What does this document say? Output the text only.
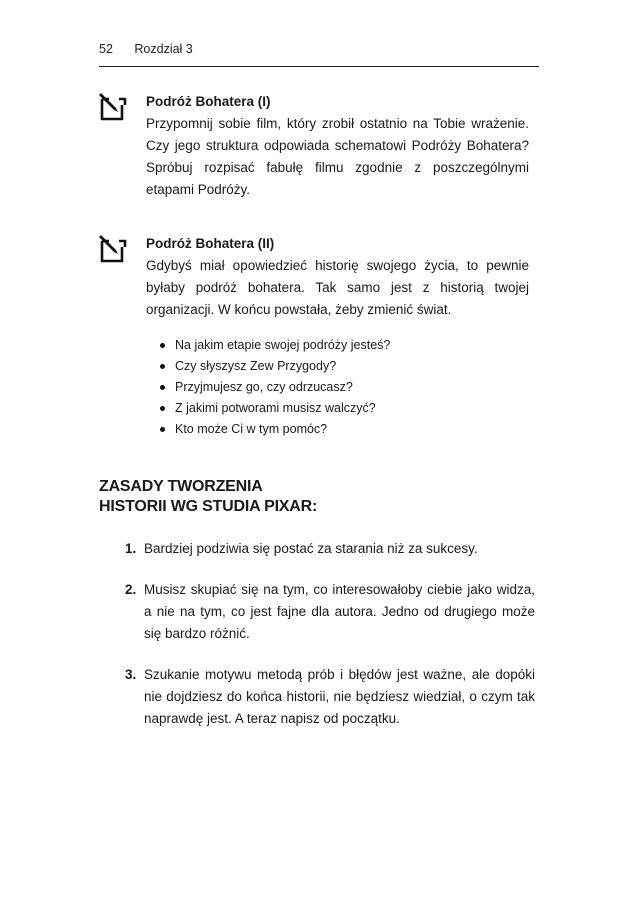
52 Rozdział 3
Podróż Bohatera (I)
Przypomnij sobie film, który zrobił ostatnio na Tobie wrażenie. Czy jego struktura odpowiada schematowi Podróży Bohatera? Spróbuj rozpisać fabułę filmu zgodnie z poszczególnymi etapami Podróży.
Podróż Bohatera (II)
Gdybyś miał opowiedzieć historię swojego życia, to pewnie byłaby podróż bohatera. Tak samo jest z historią twojej organizacji. W końcu powstała, żeby zmienić świat.
Na jakim etapie swojej podróży jesteś?
Czy słyszysz Zew Przygody?
Przyjmujesz go, czy odrzucasz?
Z jakimi potworami musisz walczyć?
Kto może Ci w tym pomóc?
ZASADY TWORZENIA
HISTORII WG STUDIA PIXAR:
1. Bardziej podziwia się postać za starania niż za sukcesy.
2. Musisz skupiać się na tym, co interesowałoby ciebie jako widza, a nie na tym, co jest fajne dla autora. Jedno od drugiego może się bardzo różnić.
3. Szukanie motywu metodą prób i błędów jest ważne, ale dopóki nie dojdziesz do końca historii, nie będziesz wiedział, o czym tak naprawdę jest. A teraz napisz od początku.
